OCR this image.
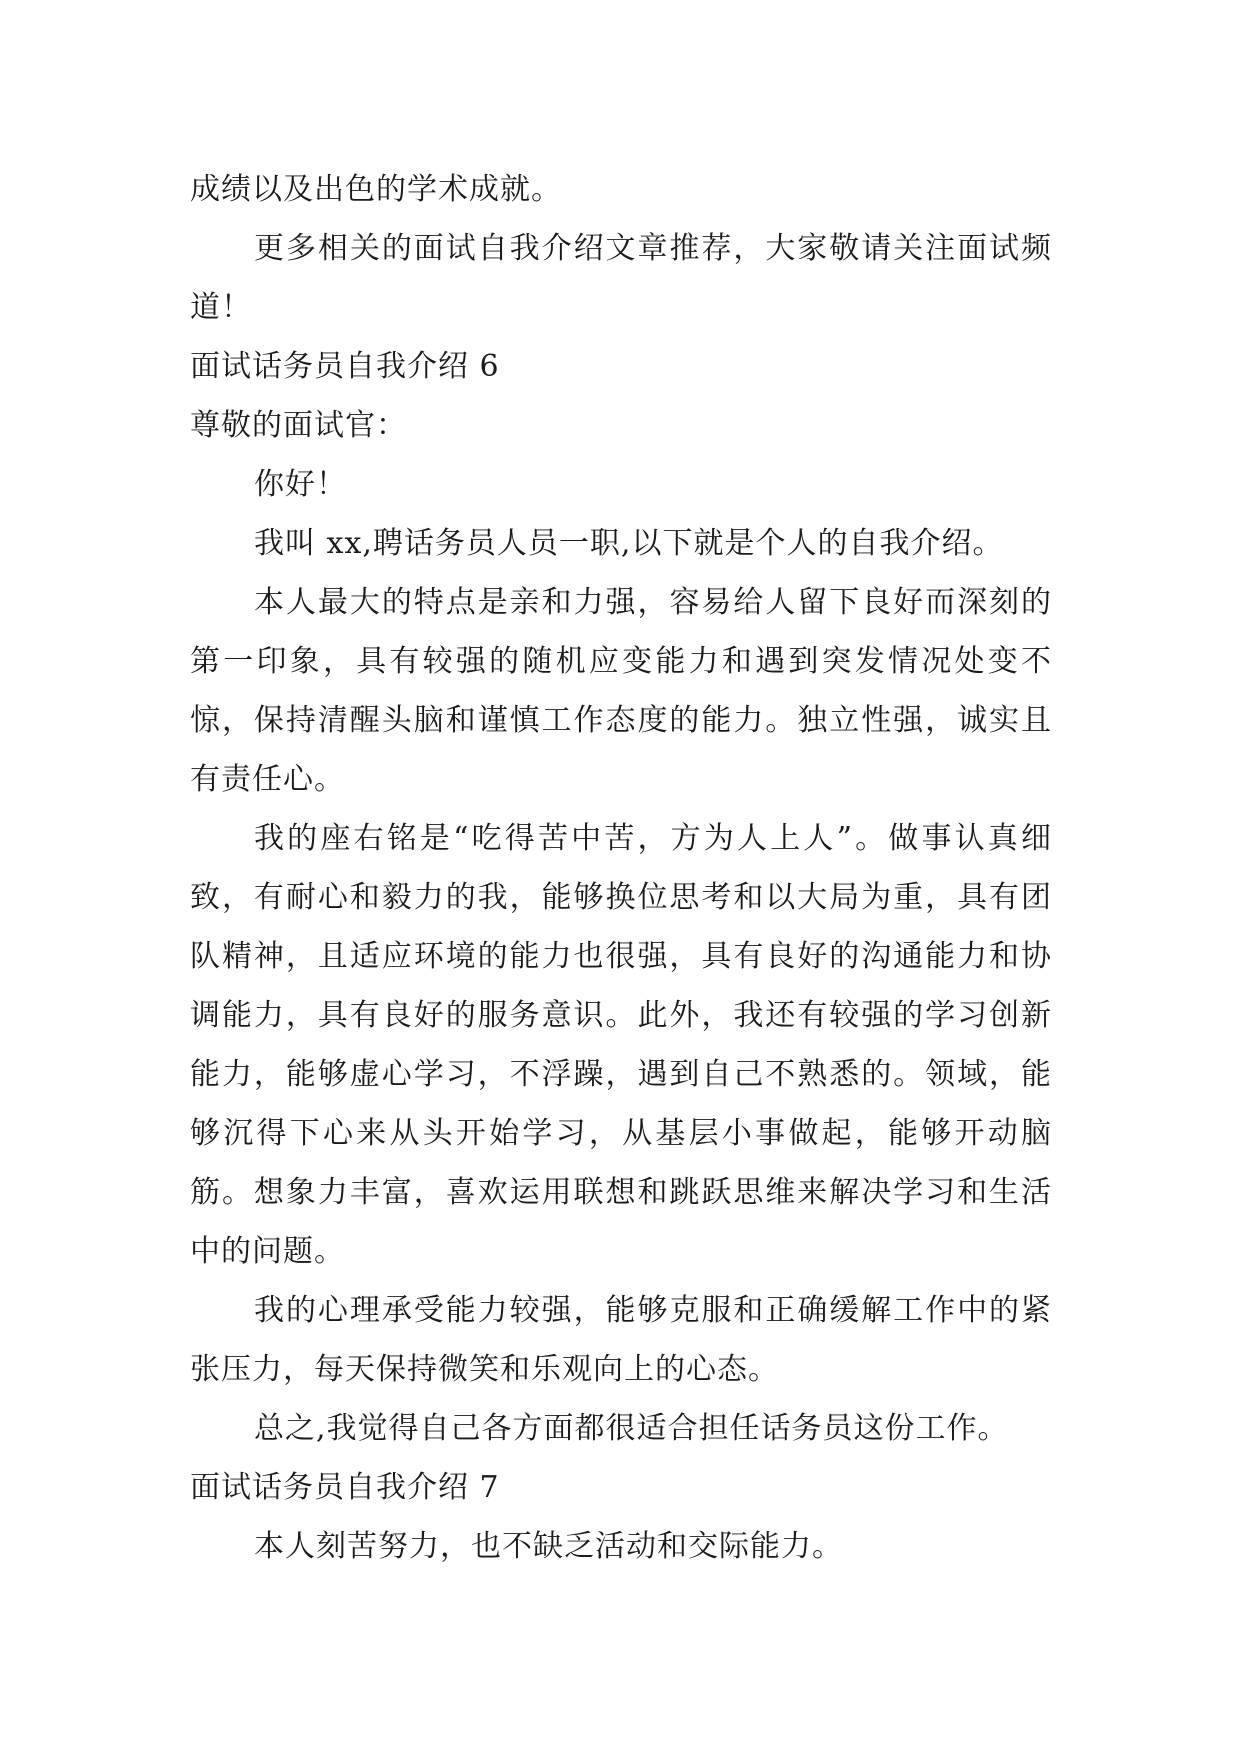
成绩以及出色的学术成就。

更多相关的面试自我介绍文章推荐，大家敬请关注面试频道！

面试话务员自我介绍 6

尊敬的面试官：

你好！

我叫 xx,聘话务员人员一职,以下就是个人的自我介绍。

本人最大的特点是亲和力强，容易给人留下良好而深刻的第一印象，具有较强的随机应变能力和遇到突发情况处变不惊，保持清醒头脑和谨慎工作态度的能力。独立性强，诚实且有责任心。

我的座右铭是“吃得苦中苦，方为人上人”。做事认真细致，有耐心和毅力的我，能够换位思考和以大局为重，具有团队精神，且适应环境的能力也很强，具有良好的沟通能力和协调能力，具有良好的服务意识。此外，我还有较强的学习创新能力，能够虚心学习，不浮躁，遇到自己不熟悉的。领域，能够沉得下心来从头开始学习，从基层小事做起，能够开动脑筋。想象力丰富，喜欢运用联想和跳跃思维来解决学习和生活中的问题。

我的心理承受能力较强，能够克服和正确缓解工作中的紧张压力，每天保持微笑和乐观向上的心态。

总之,我觉得自己各方面都很适合担任话务员这份工作。

面试话务员自我介绍 7

本人刻苦努力，也不缺乏活动和交际能力。
